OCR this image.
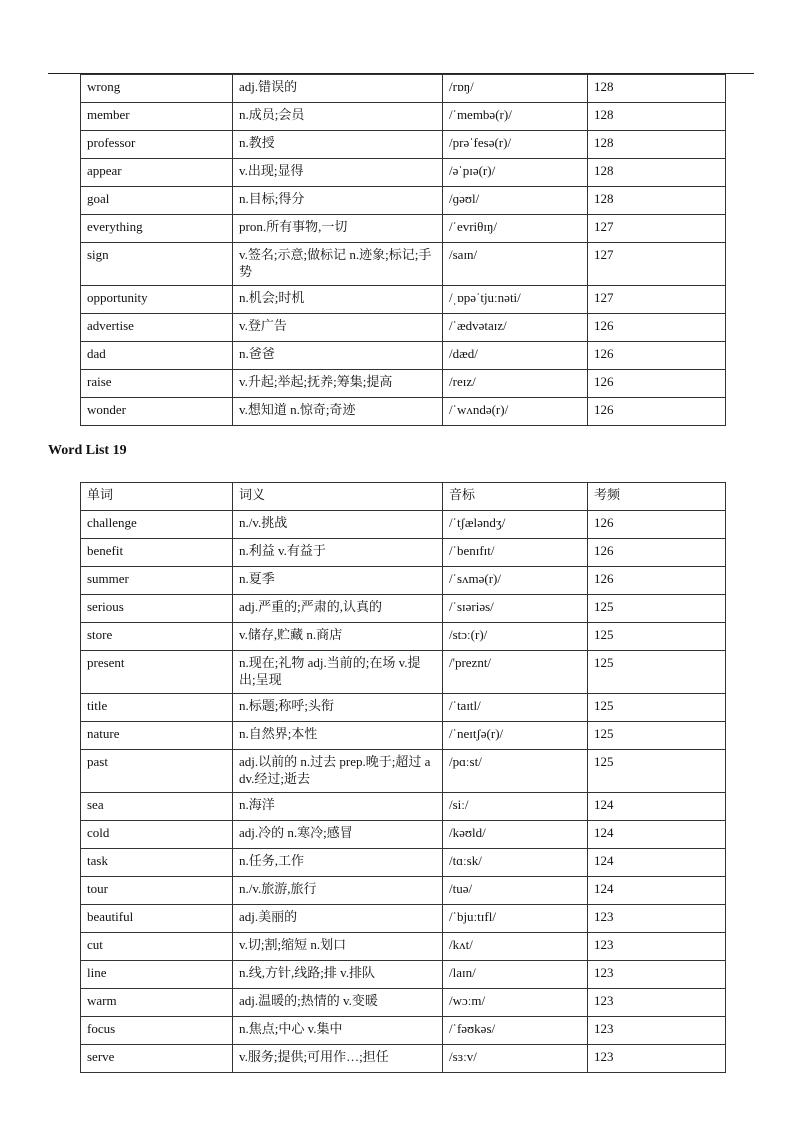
wrong	adj.错误的	/rɒŋ/	128
member	n.成员;会员	/ˈmembə(r)/	128
professor	n.教授	/prəˈfesə(r)/	128
appear	v.出现;显得	/əˈpɪə(r)/	128
goal	n.目标;得分	/ɡəʊl/	128
everything	pron.所有事物,一切	/ˈevriθɪŋ/	127
sign	v.签名;示意;做标记 n.迹象;标记;手势	/saɪn/	127
opportunity	n.机会;时机	/ˌɒpəˈtjuːnəti/	127
advertise	v.登广告	/ˈædvətaɪz/	126
dad	n.爸爸	/dæd/	126
raise	v.升起;举起;抚养;筹集;提高	/reɪz/	126
wonder	v.想知道 n.惊奇;奇迹	/ˈwʌndə(r)/	126
Word List 19
单词	词义	音标	考频
challenge	n./v.挑战	/ˈtʃæləndʒ/	126
benefit	n.利益 v.有益于	/ˈbenɪfɪt/	126
summer	n.夏季	/ˈsʌmə(r)/	126
serious	adj.严重的;严肃的,认真的	/ˈsɪəriəs/	125
store	v.储存,贮藏 n.商店	/stɔː(r)/	125
present	n.现在;礼物 adj.当前的;在场 v.提出;呈现	/'preznt/	125
title	n.标题;称呼;头衔	/ˈtaɪtl/	125
nature	n.自然界;本性	/ˈneɪtʃə(r)/	125
past	adj.以前的 n.过去 prep.晚于;超过 adv.经过;逝去	/pɑːst/	125
sea	n.海洋	/siː/	124
cold	adj.冷的 n.寒冷;感冒	/kəʊld/	124
task	n.任务,工作	/tɑːsk/	124
tour	n./v.旅游,旅行	/tuə/	124
beautiful	adj.美丽的	/ˈbjuːtɪfl/	123
cut	v.切;割;缩短 n.划口	/kʌt/	123
line	n.线,方针,线路;排 v.排队	/laɪn/	123
warm	adj.温暖的;热情的 v.变暖	/wɔːm/	123
focus	n.焦点;中心 v.集中	/ˈfəʊkəs/	123
serve	v.服务;提供;可用作…;担任	/sɜːv/	123
